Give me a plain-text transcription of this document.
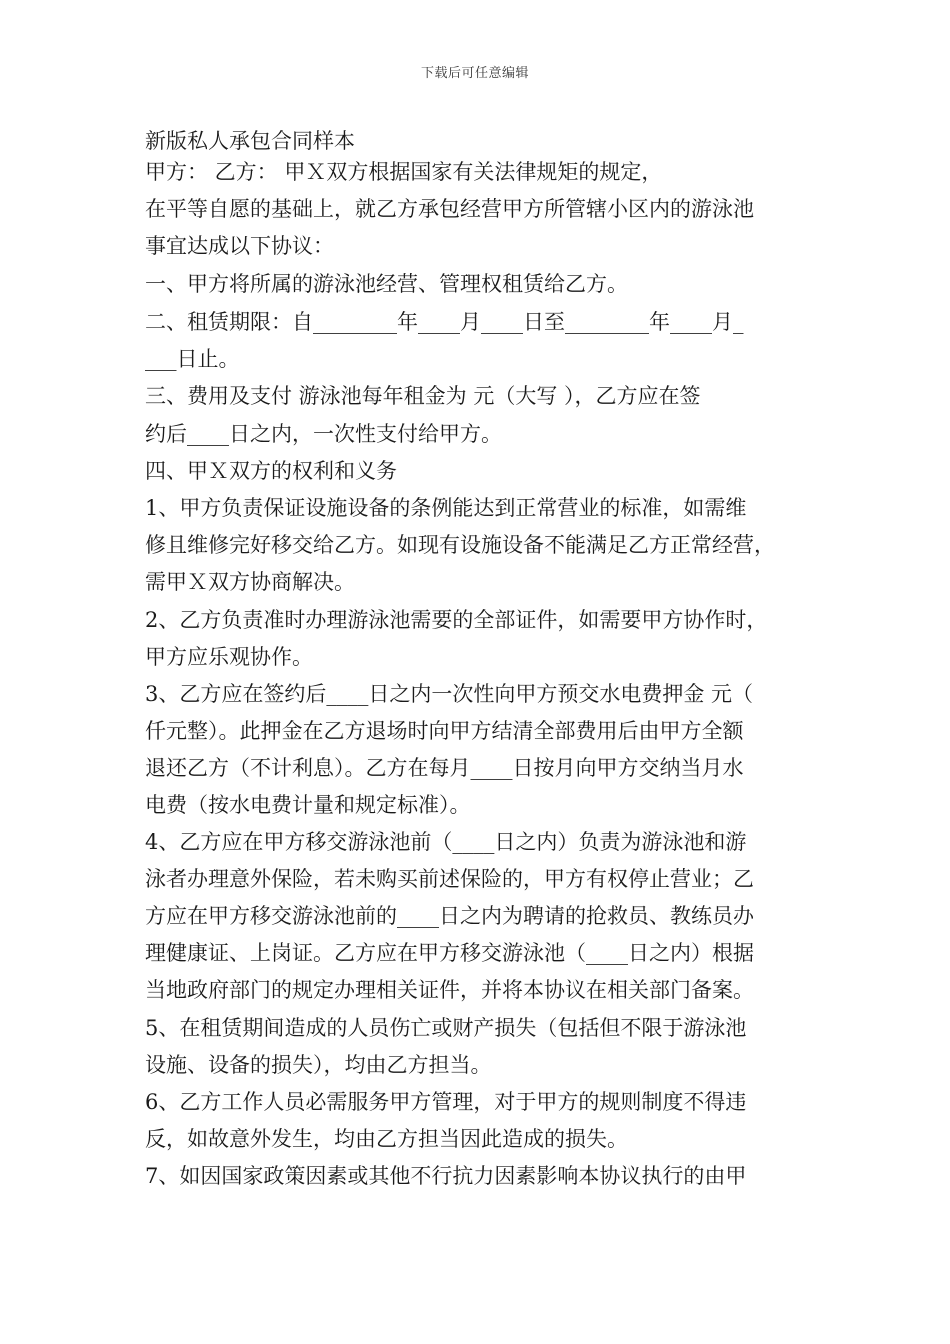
下载后可任意编辑
新版私人承包合同样本
甲方： 乙方： 甲Ｘ双方根据国家有关法律规矩的规定，
在平等自愿的基础上，就乙方承包经营甲方所管辖小区内的游泳池
事宜达成以下协议：
一、甲方将所属的游泳池经营、管理权租赁给乙方。
二、租赁期限：自________年____月____日至________年____月_
___日止。
三、费用及支付 游泳池每年租金为 元（大写 ），乙方应在签
约后____日之内，一次性支付给甲方。
四、甲Ｘ双方的权利和义务
1、甲方负责保证设施设备的条例能达到正常营业的标准，如需维
修且维修完好移交给乙方。如现有设施设备不能满足乙方正常经营，
需甲Ｘ双方协商解决。
2、乙方负责准时办理游泳池需要的全部证件，如需要甲方协作时，
甲方应乐观协作。
3、乙方应在签约后____日之内一次性向甲方预交水电费押金 元（
仟元整）。此押金在乙方退场时向甲方结清全部费用后由甲方全额
退还乙方（不计利息）。乙方在每月____日按月向甲方交纳当月水
电费（按水电费计量和规定标准）。
4、乙方应在甲方移交游泳池前（____日之内）负责为游泳池和游
泳者办理意外保险，若未购买前述保险的，甲方有权停止营业；乙
方应在甲方移交游泳池前的____日之内为聘请的抢救员、教练员办
理健康证、上岗证。乙方应在甲方移交游泳池（____日之内）根据
当地政府部门的规定办理相关证件，并将本协议在相关部门备案。
5、在租赁期间造成的人员伤亡或财产损失（包括但不限于游泳池
设施、设备的损失），均由乙方担当。
6、乙方工作人员必需服务甲方管理，对于甲方的规则制度不得违
反，如故意外发生，均由乙方担当因此造成的损失。
7、如因国家政策因素或其他不行抗力因素影响本协议执行的由甲
